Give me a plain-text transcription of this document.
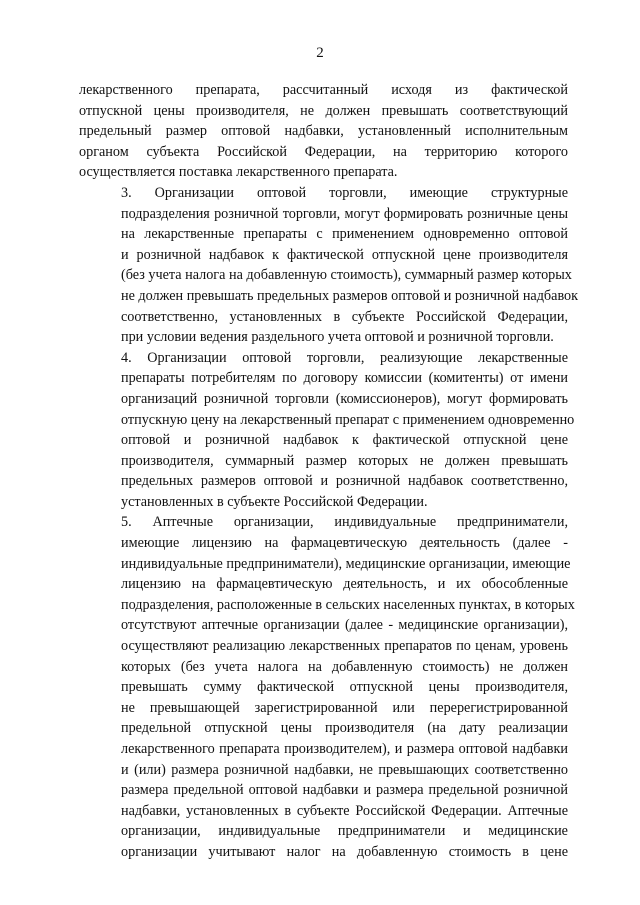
2

лекарственного препарата, рассчитанный исходя из фактической
отпускной цены производителя, не должен превышать соответствующий
предельный размер оптовой надбавки, установленный исполнительным
органом субъекта Российской Федерации, на территорию которого
осуществляется поставка лекарственного препарата.

3. Организации оптовой торговли, имеющие структурные
подразделения розничной торговли, могут формировать розничные цены
на лекарственные препараты с применением одновременно оптовой
и розничной надбавок к фактической отпускной цене производителя
(без учета налога на добавленную стоимость), суммарный размер которых
не должен превышать предельных размеров оптовой и розничной надбавок
соответственно, установленных в субъекте Российской Федерации,
при условии ведения раздельного учета оптовой и розничной торговли.

4. Организации оптовой торговли, реализующие лекарственные
препараты потребителям по договору комиссии (комитенты) от имени
организаций розничной торговли (комиссионеров), могут формировать
отпускную цену на лекарственный препарат с применением одновременно
оптовой и розничной надбавок к фактической отпускной цене
производителя, суммарный размер которых не должен превышать
предельных размеров оптовой и розничной надбавок соответственно,
установленных в субъекте Российской Федерации.

5. Аптечные организации, индивидуальные предприниматели,
имеющие лицензию на фармацевтическую деятельность (далее -
индивидуальные предприниматели), медицинские организации, имеющие
лицензию на фармацевтическую деятельность, и их обособленные
подразделения, расположенные в сельских населенных пунктах, в которых
отсутствуют аптечные организации (далее - медицинские организации),
осуществляют реализацию лекарственных препаратов по ценам, уровень
которых (без учета налога на добавленную стоимость) не должен
превышать сумму фактической отпускной цены производителя,
не превышающей зарегистрированной или перерегистрированной
предельной отпускной цены производителя (на дату реализации
лекарственного препарата производителем), и размера оптовой надбавки
и (или) размера розничной надбавки, не превышающих соответственно
размера предельной оптовой надбавки и размера предельной розничной
надбавки, установленных в субъекте Российской Федерации. Аптечные
организации, индивидуальные предприниматели и медицинские
организации учитывают налог на добавленную стоимость в цене
